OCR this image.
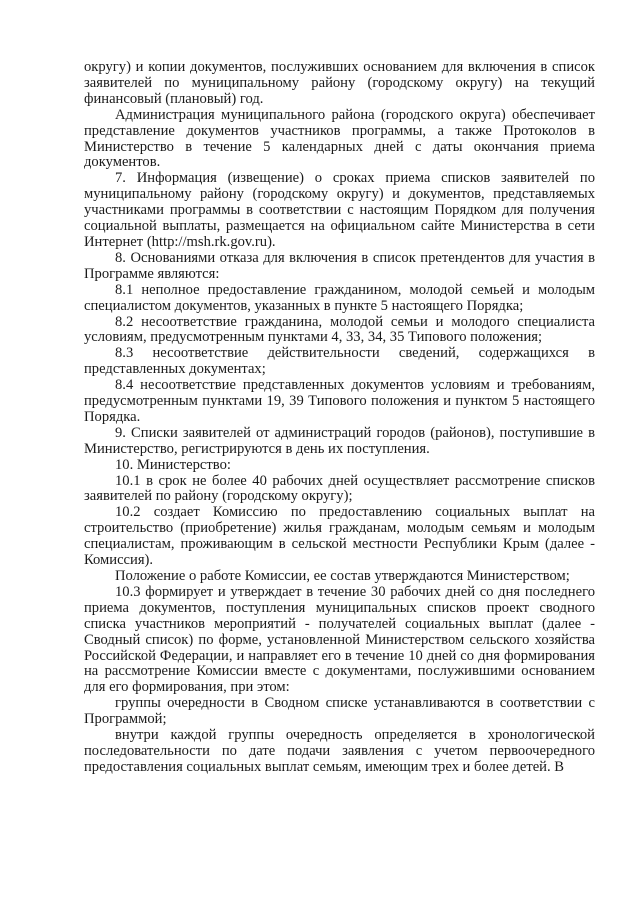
округу) и копии документов, послуживших основанием для включения в список заявителей по муниципальному району (городскому округу) на текущий финансовый (плановый) год.

Администрация муниципального района (городского округа) обеспечивает представление документов участников программы, а также Протоколов в Министерство в течение 5 календарных дней с даты окончания приема документов.

7. Информация (извещение) о сроках приема списков заявителей по муниципальному району (городскому округу) и документов, представляемых участниками программы в соответствии с настоящим Порядком для получения социальной выплаты, размещается на официальном сайте Министерства в сети Интернет (http://msh.rk.gov.ru).

8. Основаниями отказа для включения в список претендентов для участия в Программе являются:

8.1 неполное предоставление гражданином, молодой семьей и молодым специалистом документов, указанных в пункте 5 настоящего Порядка;

8.2 несоответствие гражданина, молодой семьи и молодого специалиста условиям, предусмотренным пунктами 4, 33, 34, 35 Типового положения;

8.3 несоответствие действительности сведений, содержащихся в представленных документах;

8.4 несоответствие представленных документов условиям и требованиям, предусмотренным пунктами 19, 39 Типового положения и пунктом 5 настоящего Порядка.

9. Списки заявителей от администраций городов (районов), поступившие в Министерство, регистрируются в день их поступления.

10. Министерство:

10.1 в срок не более 40 рабочих дней осуществляет рассмотрение списков заявителей по району (городскому округу);

10.2 создает Комиссию по предоставлению социальных выплат на строительство (приобретение) жилья гражданам, молодым семьям и молодым специалистам, проживающим в сельской местности Республики Крым (далее - Комиссия).

Положение о работе Комиссии, ее состав утверждаются Министерством;

10.3 формирует и утверждает в течение 30 рабочих дней со дня последнего приема документов, поступления муниципальных списков проект сводного списка участников мероприятий - получателей социальных выплат (далее - Сводный список) по форме, установленной Министерством сельского хозяйства Российской Федерации, и направляет его в течение 10 дней со дня формирования на рассмотрение Комиссии вместе с документами, послужившими основанием для его формирования, при этом:

группы очередности в Сводном списке устанавливаются в соответствии с Программой;

внутри каждой группы очередность определяется в хронологической последовательности по дате подачи заявления с учетом первоочередного предоставления социальных выплат семьям, имеющим трех и более детей. В
